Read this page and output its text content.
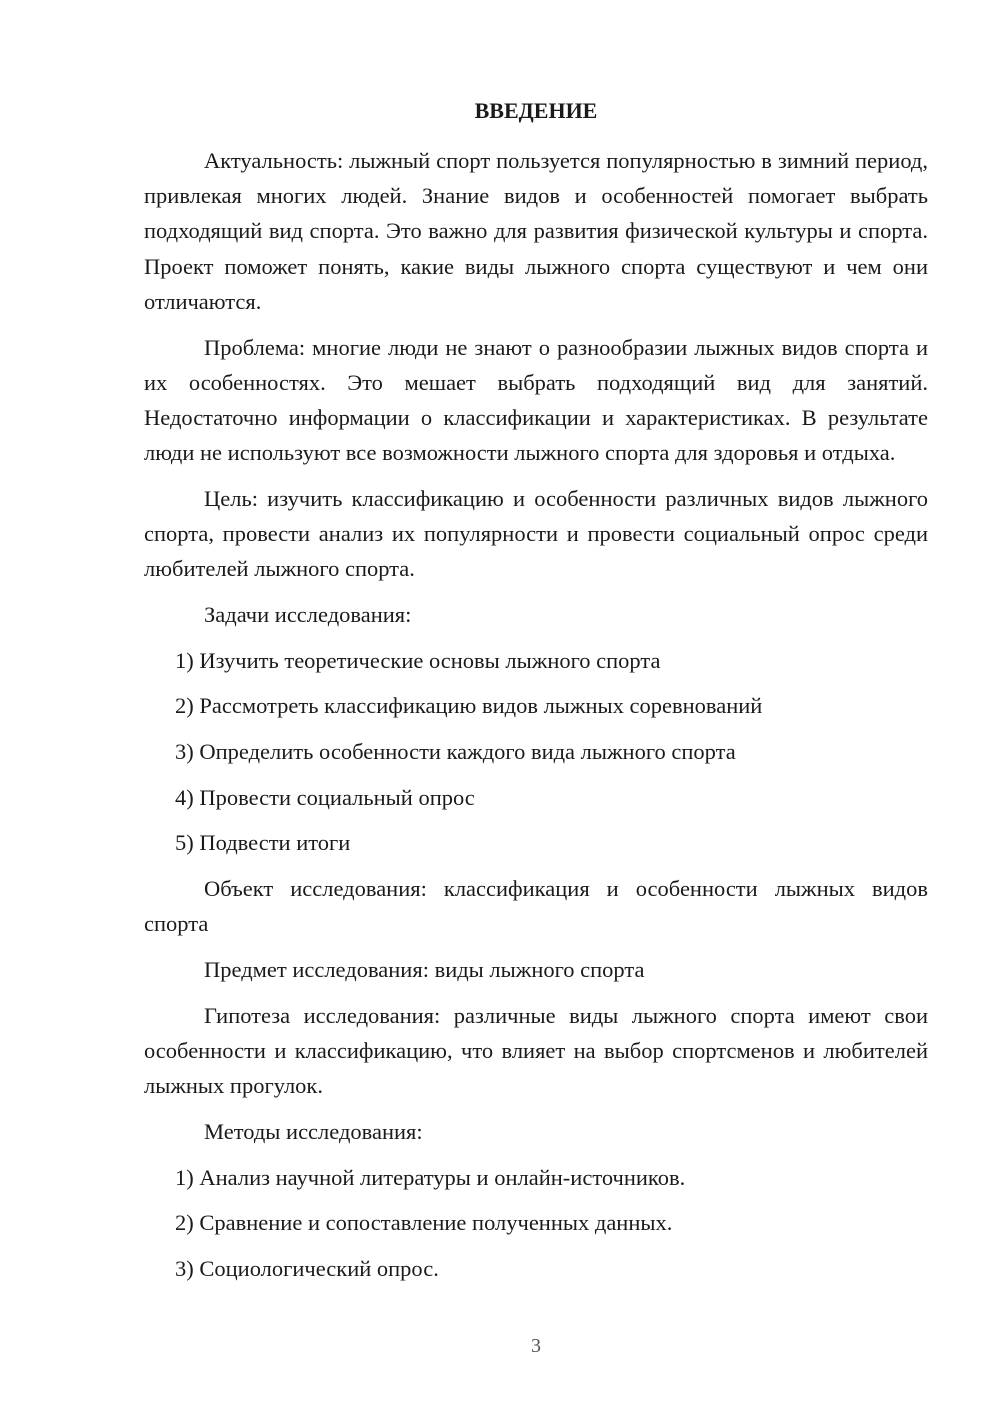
ВВЕДЕНИЕ

Актуальность: лыжный спорт пользуется популярностью в зимний период, привлекая многих людей. Знание видов и особенностей помогает выбрать подходящий вид спорта. Это важно для развития физической культуры и спорта. Проект поможет понять, какие виды лыжного спорта существуют и чем они отличаются.

Проблема: многие люди не знают о разнообразии лыжных видов спорта и их особенностях. Это мешает выбрать подходящий вид для занятий. Недостаточно информации о классификации и характеристиках. В результате люди не используют все возможности лыжного спорта для здоровья и отдыха.

Цель: изучить классификацию и особенности различных видов лыжного спорта, провести анализ их популярности и провести социальный опрос среди любителей лыжного спорта.

Задачи исследования:

1) Изучить теоретические основы лыжного спорта

2) Рассмотреть классификацию видов лыжных соревнований

3) Определить особенности каждого вида лыжного спорта

4) Провести социальный опрос

5) Подвести итоги

Объект исследования: классификация и особенности лыжных видов спорта

Предмет исследования: виды лыжного спорта

Гипотеза исследования: различные виды лыжного спорта имеют свои особенности и классификацию, что влияет на выбор спортсменов и любителей лыжных прогулок.

Методы исследования:

1) Анализ научной литературы и онлайн-источников.

2) Сравнение и сопоставление полученных данных.

3) Социологический опрос.

3
